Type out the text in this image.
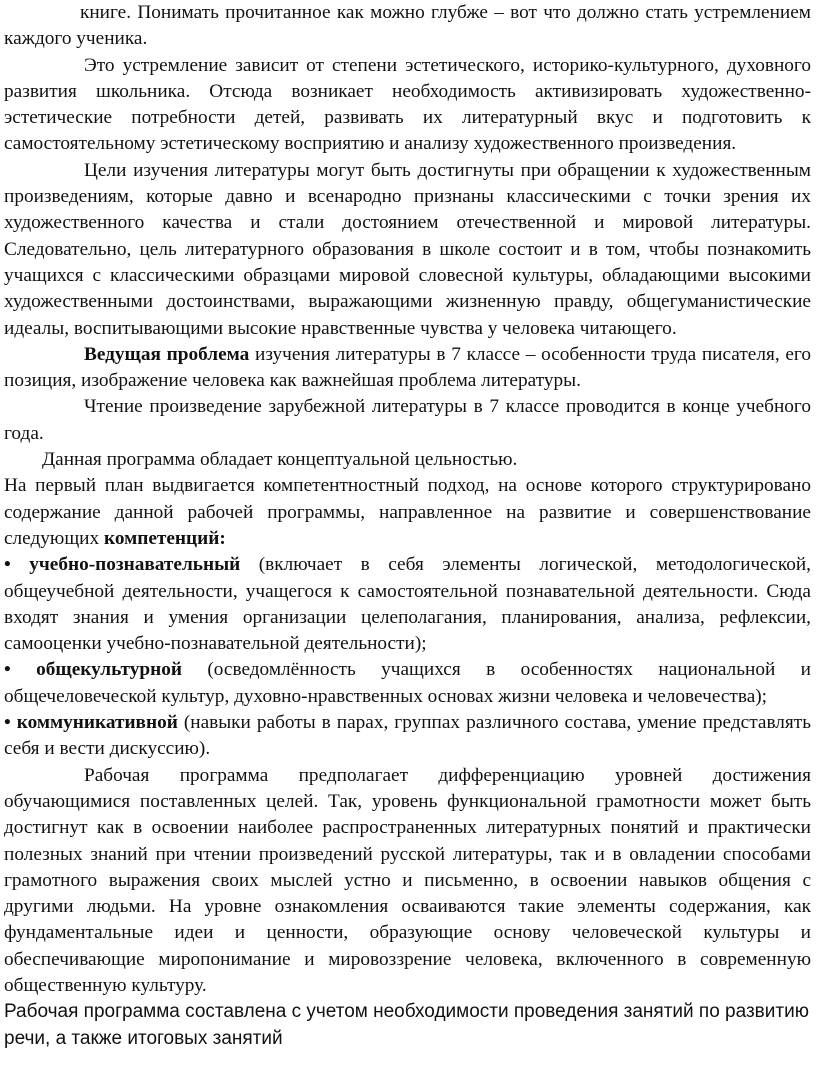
книге. Понимать прочитанное как можно глубже – вот что должно стать устремлением каждого ученика.

Это устремление зависит от степени эстетического, историко-культурного, духовного развития школьника. Отсюда возникает необходимость активизировать художественно-эстетические потребности детей, развивать их литературный вкус и подготовить к самостоятельному эстетическому восприятию и анализу художественного произведения.

Цели изучения литературы могут быть достигнуты при обращении к художественным произведениям, которые давно и всенародно признаны классическими с точки зрения их художественного качества и стали достоянием отечественной и мировой литературы. Следовательно, цель литературного образования в школе состоит и в том, чтобы познакомить учащихся с классическими образцами мировой словесной культуры, обладающими высокими художественными достоинствами, выражающими жизненную правду, общегуманистические идеалы, воспитывающими высокие нравственные чувства у человека читающего.

Ведущая проблема изучения литературы в 7 классе – особенности труда писателя, его позиция, изображение человека как важнейшая проблема литературы.

Чтение произведение зарубежной литературы в 7 классе проводится в конце учебного года.

Данная программа обладает концептуальной цельностью.

На первый план выдвигается компетентностный подход, на основе которого структурировано содержание данной рабочей программы, направленное на развитие и совершенствование следующих компетенций:

• учебно-познавательный (включает в себя элементы логической, методологической, общеучебной деятельности, учащегося к самостоятельной познавательной деятельности. Сюда входят знания и умения организации целеполагания, планирования, анализа, рефлексии, самооценки учебно-познавательной деятельности);

• общекультурной (осведомлённость учащихся в особенностях национальной и общечеловеческой культур, духовно-нравственных основах жизни человека и человечества);

• коммуникативной (навыки работы в парах, группах различного состава, умение представлять себя и вести дискуссию).

Рабочая программа предполагает дифференциацию уровней достижения обучающимися поставленных целей. Так, уровень функциональной грамотности может быть достигнут как в освоении наиболее распространенных литературных понятий и практически полезных знаний при чтении произведений русской литературы, так и в овладении способами грамотного выражения своих мыслей устно и письменно, в освоении навыков общения с другими людьми. На уровне ознакомления осваиваются такие элементы содержания, как фундаментальные идеи и ценности, образующие основу человеческой культуры и обеспечивающие миропонимание и мировоззрение человека, включенного в современную общественную культуру.

Рабочая программа составлена с учетом необходимости проведения занятий по развитию речи, а также итоговых занятий
